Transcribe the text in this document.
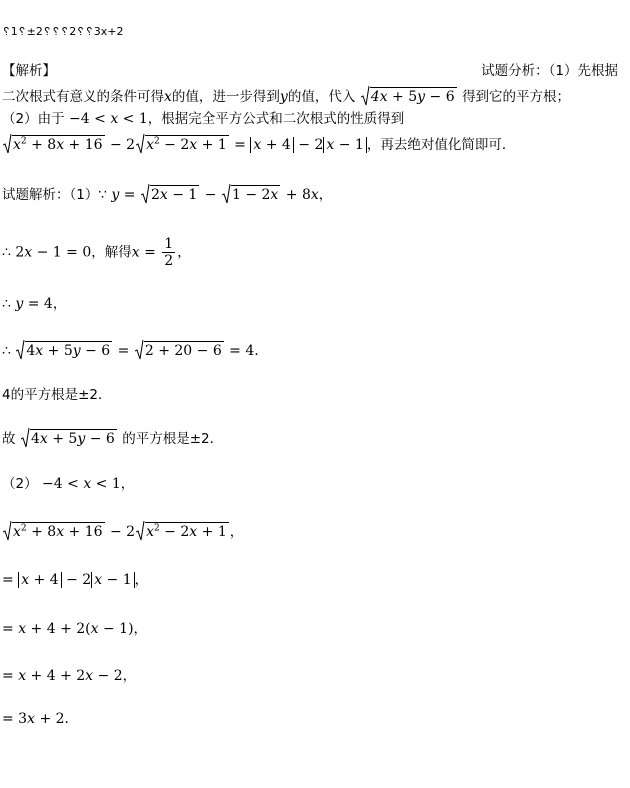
␦1␦±2␦␦␦2␦␦3x+2
【解析】	试题分析：（1）先根据
二次根式有意义的条件可得x的值，进一步得到y的值，代入 4x + 5y − 6 得到它的平方根；
（2）由于 −4 < x < 1，根据完全平方公式和二次根式的性质得到
$x^2 + 8x + 16 - 2$ $x^2 - 2x + 1 = x + 4 - 2$ x − 1 ，再去绝对值化简即可．
试题解析：（1）∵ y =
2x − 1 −
1 − 2x + 8x，
∴ 2x − 1 = 0，解得$x = \frac{1}{2}$ ，
∴ y = 4，
∴
4x + 5y − 6 =
2 + 20 − 6 = 4.
4的平方根是±2．
故 4x + 5y − 6 的平方根是±2．
（2） −4 < x < 1，
$x^2 + 8x + 16 - 2$ $x^2 - 2x + 1$ ，
= x + 4 − 2 x − 1 ，
= x + 4 + 2(x − 1)，
= x + 4 + 2x − 2，
= 3x + 2.
